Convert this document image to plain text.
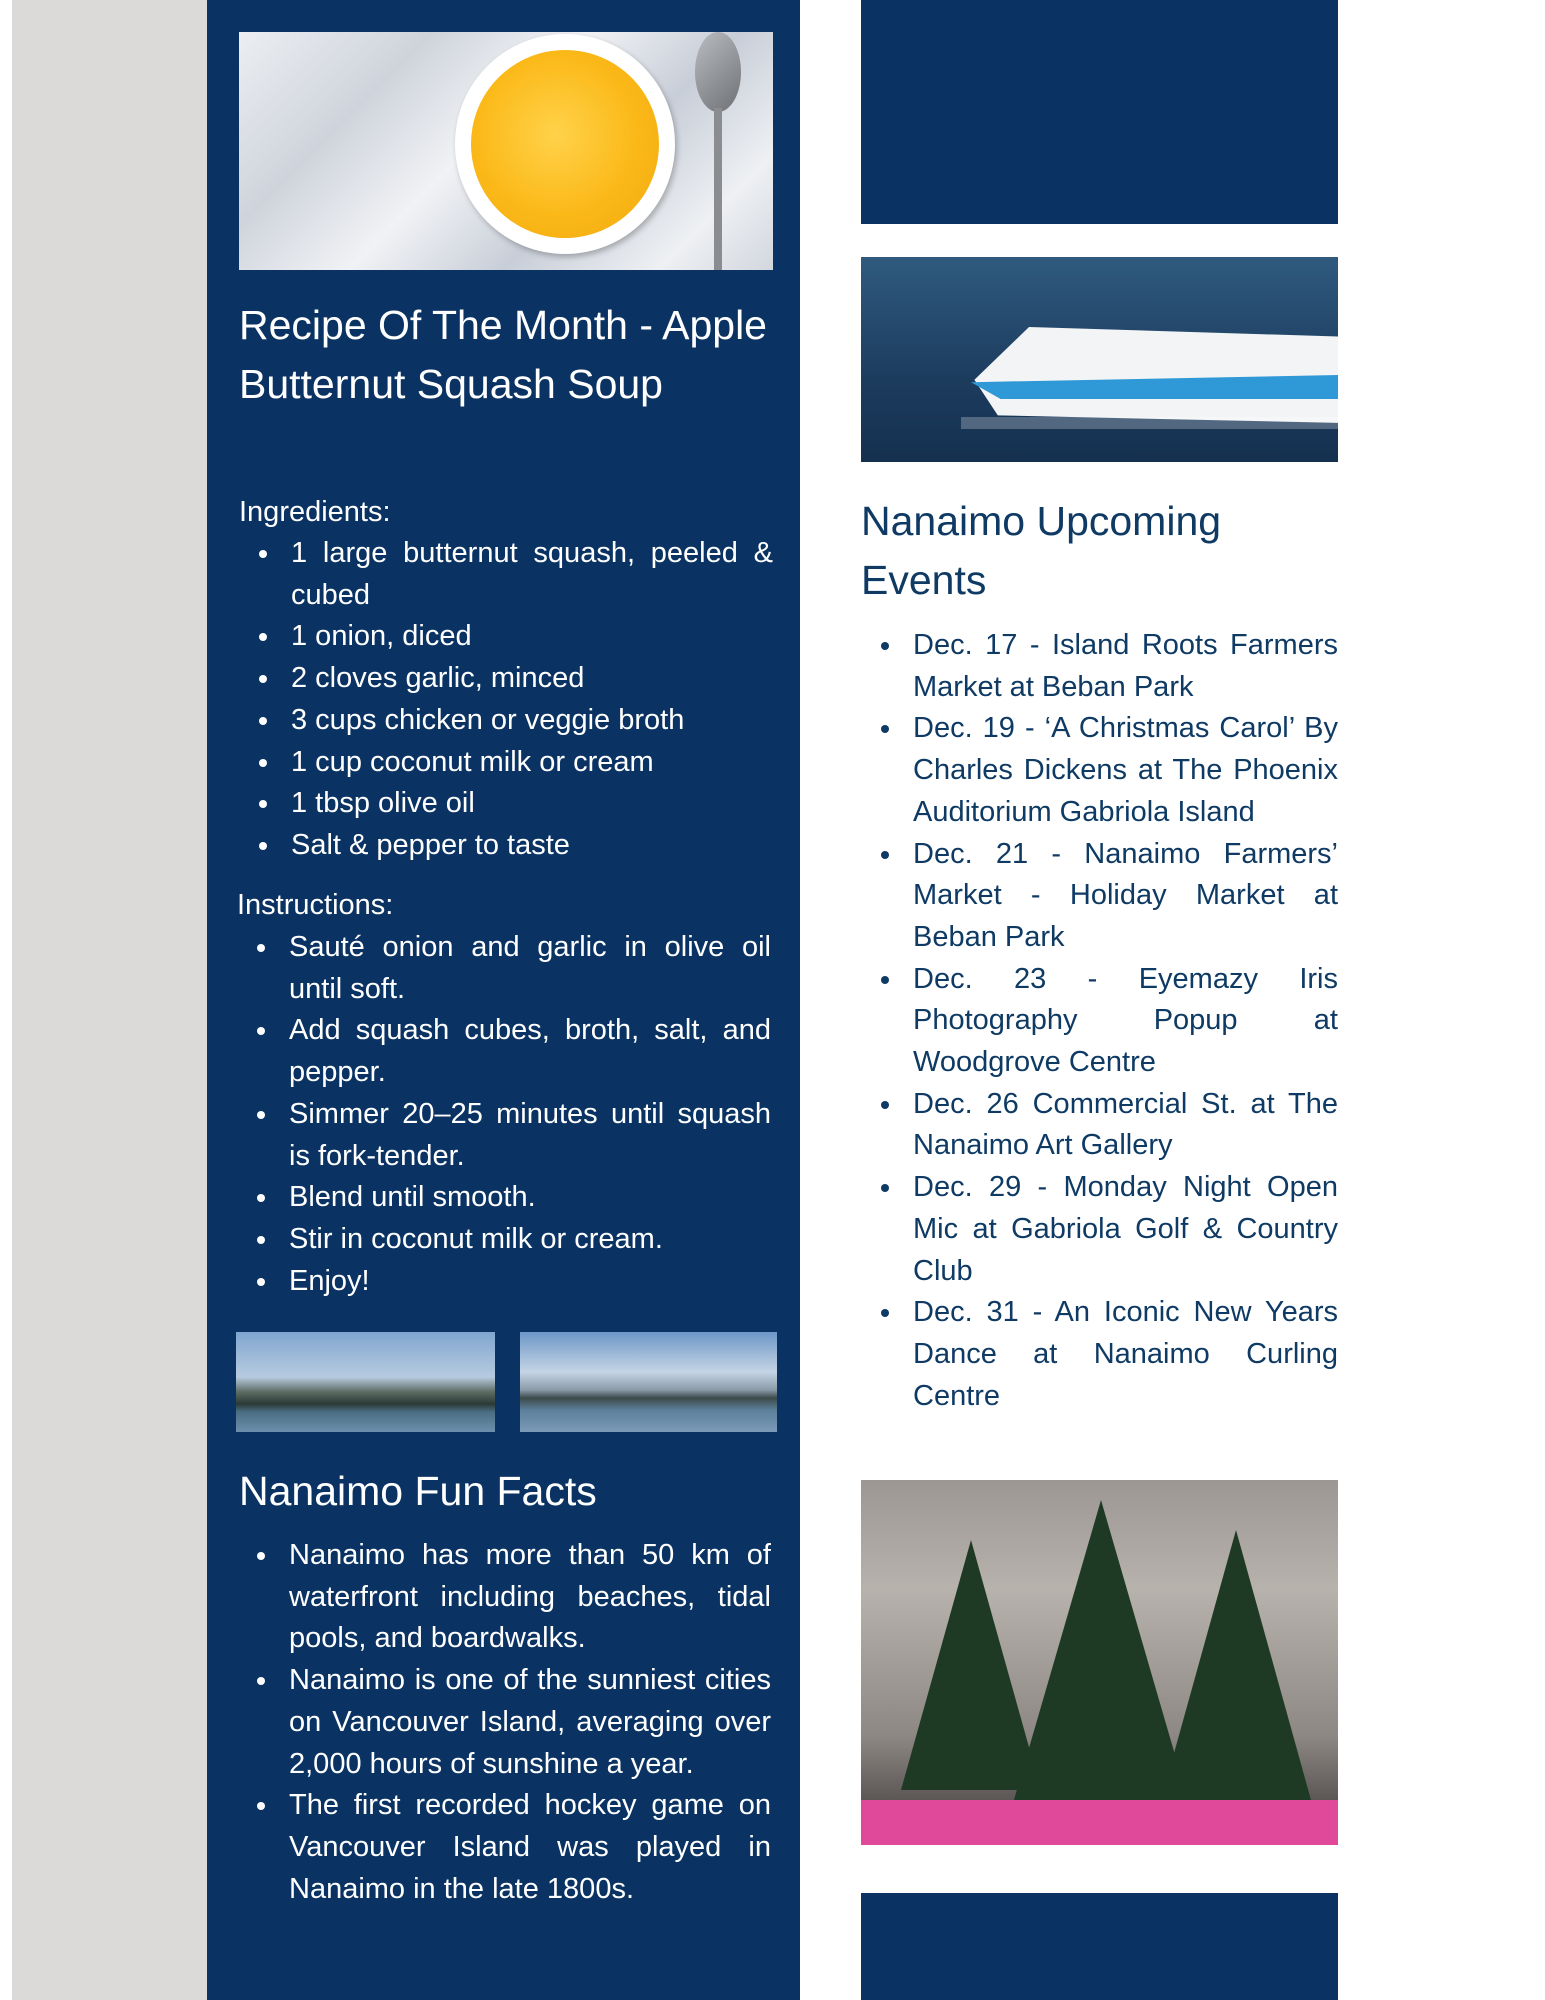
Recipe Of The Month - Apple Butternut Squash Soup

Ingredients:

1 large butternut squash, peeled & cubed
1 onion, diced
2 cloves garlic, minced
3 cups chicken or veggie broth
1 cup coconut milk or cream
1 tbsp olive oil
Salt & pepper to taste

Instructions:

Sauté onion and garlic in olive oil until soft.
Add squash cubes, broth, salt, and pepper.
Simmer 20–25 minutes until squash is fork-tender.
Blend until smooth.
Stir in coconut milk or cream.
Enjoy!
Nanaimo Fun Facts
Nanaimo has more than 50 km of waterfront including beaches, tidal pools, and boardwalks.
Nanaimo is one of the sunniest cities on Vancouver Island, averaging over 2,000 hours of sunshine a year.
The first recorded hockey game on Vancouver Island was played in Nanaimo in the late 1800s.
Nanaimo Upcoming Events
Dec. 17 - Island Roots Farmers Market at Beban Park
Dec. 19 - ‘A Christmas Carol’ By Charles Dickens at The Phoenix Auditorium Gabriola Island
Dec. 21 - Nanaimo Farmers’ Market - Holiday Market at Beban Park
Dec. 23 - Eyemazy Iris Photography Popup at Woodgrove Centre
Dec. 26 Commercial St. at The Nanaimo Art Gallery
Dec. 29 - Monday Night Open Mic at Gabriola Golf & Country Club
Dec. 31 - An Iconic New Years Dance at Nanaimo Curling Centre
